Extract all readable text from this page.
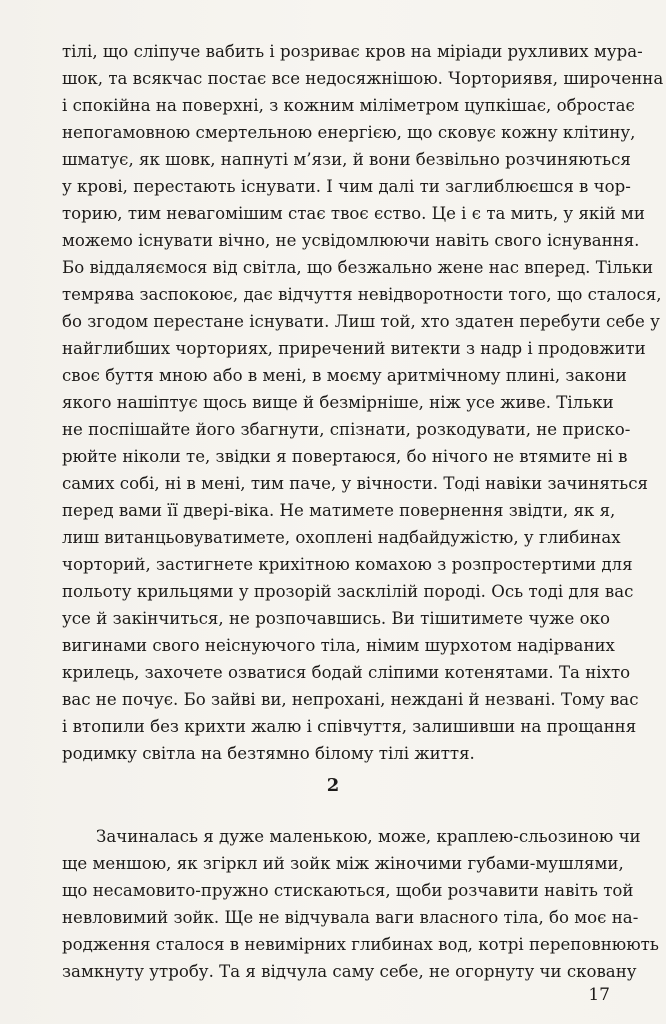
тілі, що сліпуче вабить і розриває кров на міріади рухливих мура-
шок, та всякчас постає все недосяжнішою. Чорториявя, широченна
і спокійна на поверхні, з кожним міліметром цупкішає, обростає
непогамовною смертельною енергією, що сковує кожну клітину,
шматує, як шовк, напнуті м’язи, й вони безвільно розчиняються
у крові, перестають існувати. І чим далі ти заглиблюєшся в чор-
торию, тим невагомішим стає твоє єство. Це і є та мить, у якій ми
можемо існувати вічно, не усвідомлюючи навіть свого існування.
Бо віддаляємося від світла, що безжально жене нас вперед. Тільки
темрява заспокоює, дає відчуття невідворотности того, що сталося,
бо згодом перестане існувати. Лиш той, хто здатен перебути себе у
найглибших чорториях, приречений витекти з надр і продовжити
своє буття мною або в мені, в моєму аритмічному плині, закони
якого нашіптує щось вище й безмірніше, ніж усе живе. Тільки
не поспішайте його збагнути, спізнати, розкодувати, не приско-
рюйте ніколи те, звідки я повертаюся, бо нічого не втямите ні в
самих собі, ні в мені, тим паче, у вічности. Тоді навіки зачиняться
перед вами її двері-віка. Не матимете повернення звідти, як я,
лиш витанцьовуватимете, охоплені надбайдужістю, у глибинах
чорторий, застигнете крихітною комахою з розпростертими для
польоту крильцями у прозорій засклілій породі. Ось тоді для вас
усе й закінчиться, не розпочавшись. Ви тішитимете чуже око
вигинами свого неіснуючого тіла, німим шурхотом надірваних
крилець, захочете озватися бодай сліпими котенятами. Та ніхто
вас не почує. Бо зайві ви, непрохані, неждані й незвані. Тому вас
і втопили без крихти жалю і співчуття, залишивши на прощання
родимку світла на безтямно білому тілі життя.
2
Зачиналась я дуже маленькою, може, краплею-сльозиною чи
ще меншою, як згіркл ий зойк між жіночими губами-мушлями,
що несамовито-пружно стискаються, щоби розчавити навіть той
невловимий зойк. Ще не відчувала ваги власного тіла, бо моє на-
родження сталося в невимірних глибинах вод, котрі переповнюють
замкнуту утробу. Та я відчула саму себе, не огорнуту чи сковану
17
